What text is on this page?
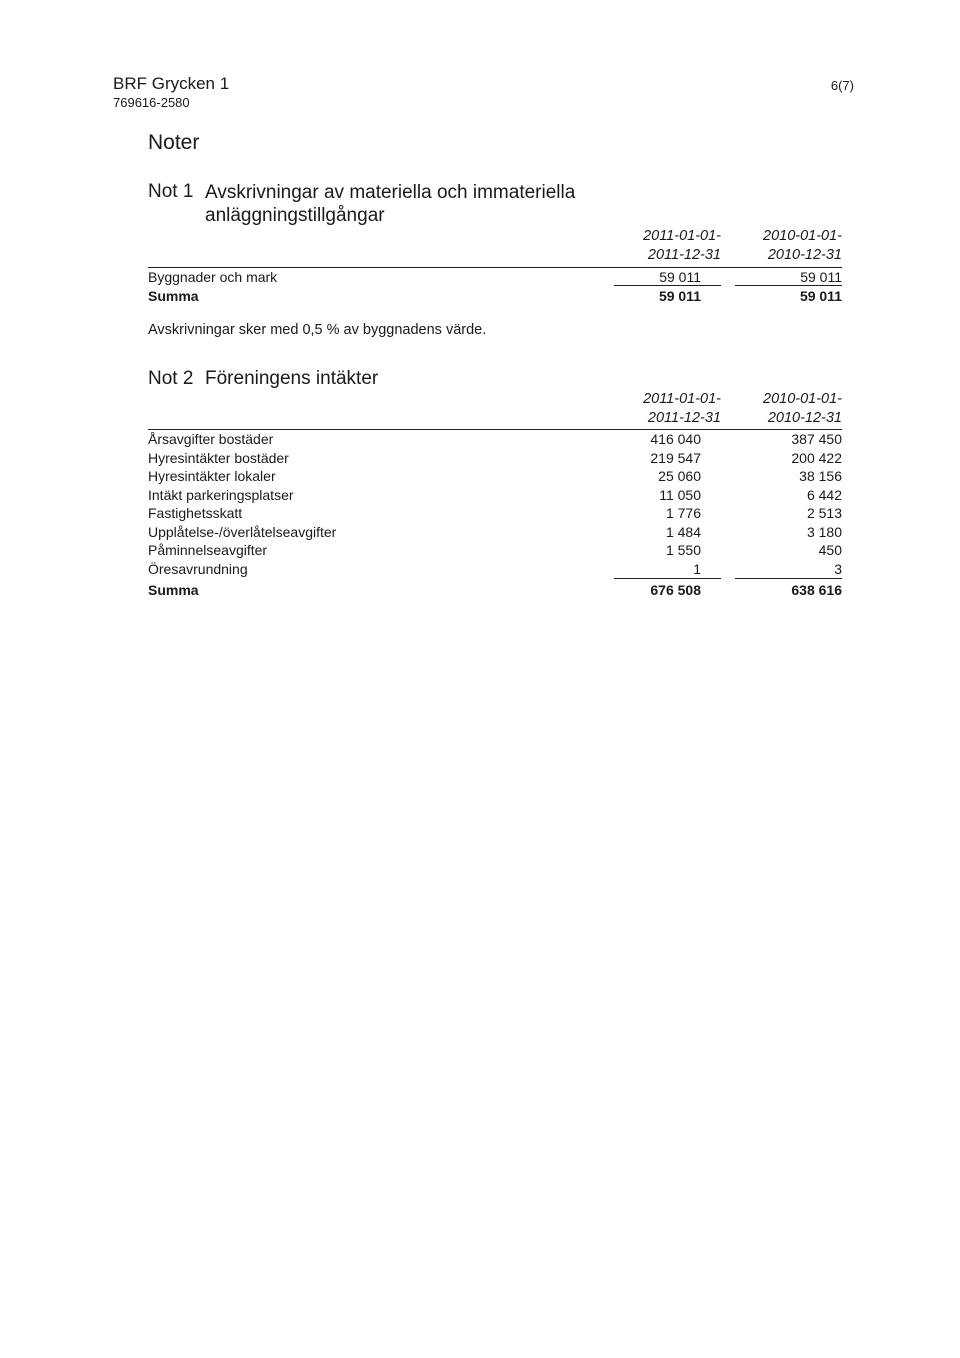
BRF Grycken 1
769616-2580
6(7)
Noter
Not 1 Avskrivningar av materiella och immateriella
anläggningstillgångar
2011-01-01-
2011-12-31
2010-01-01-
2010-12-31
Byggnader och mark	59 011	59 011
Summa	59 011	59 011
Avskrivningar sker med 0,5 % av byggnadens värde.
Not 2 Föreningens intäkter
2011-01-01-
2011-12-31
2010-01-01-
2010-12-31
Årsavgifter bostäder	416 040	387 450
Hyresintäkter bostäder	219 547	200 422
Hyresintäkter lokaler	25 060	38 156
Intäkt parkeringsplatser	11 050	6 442
Fastighetsskatt	1 776	2 513
Upplåtelse-/överlåtelseavgifter	1 484	3 180
Påminnelseavgifter	1 550	450
Öresavrundning	1	3
Summa	676 508	638 616
